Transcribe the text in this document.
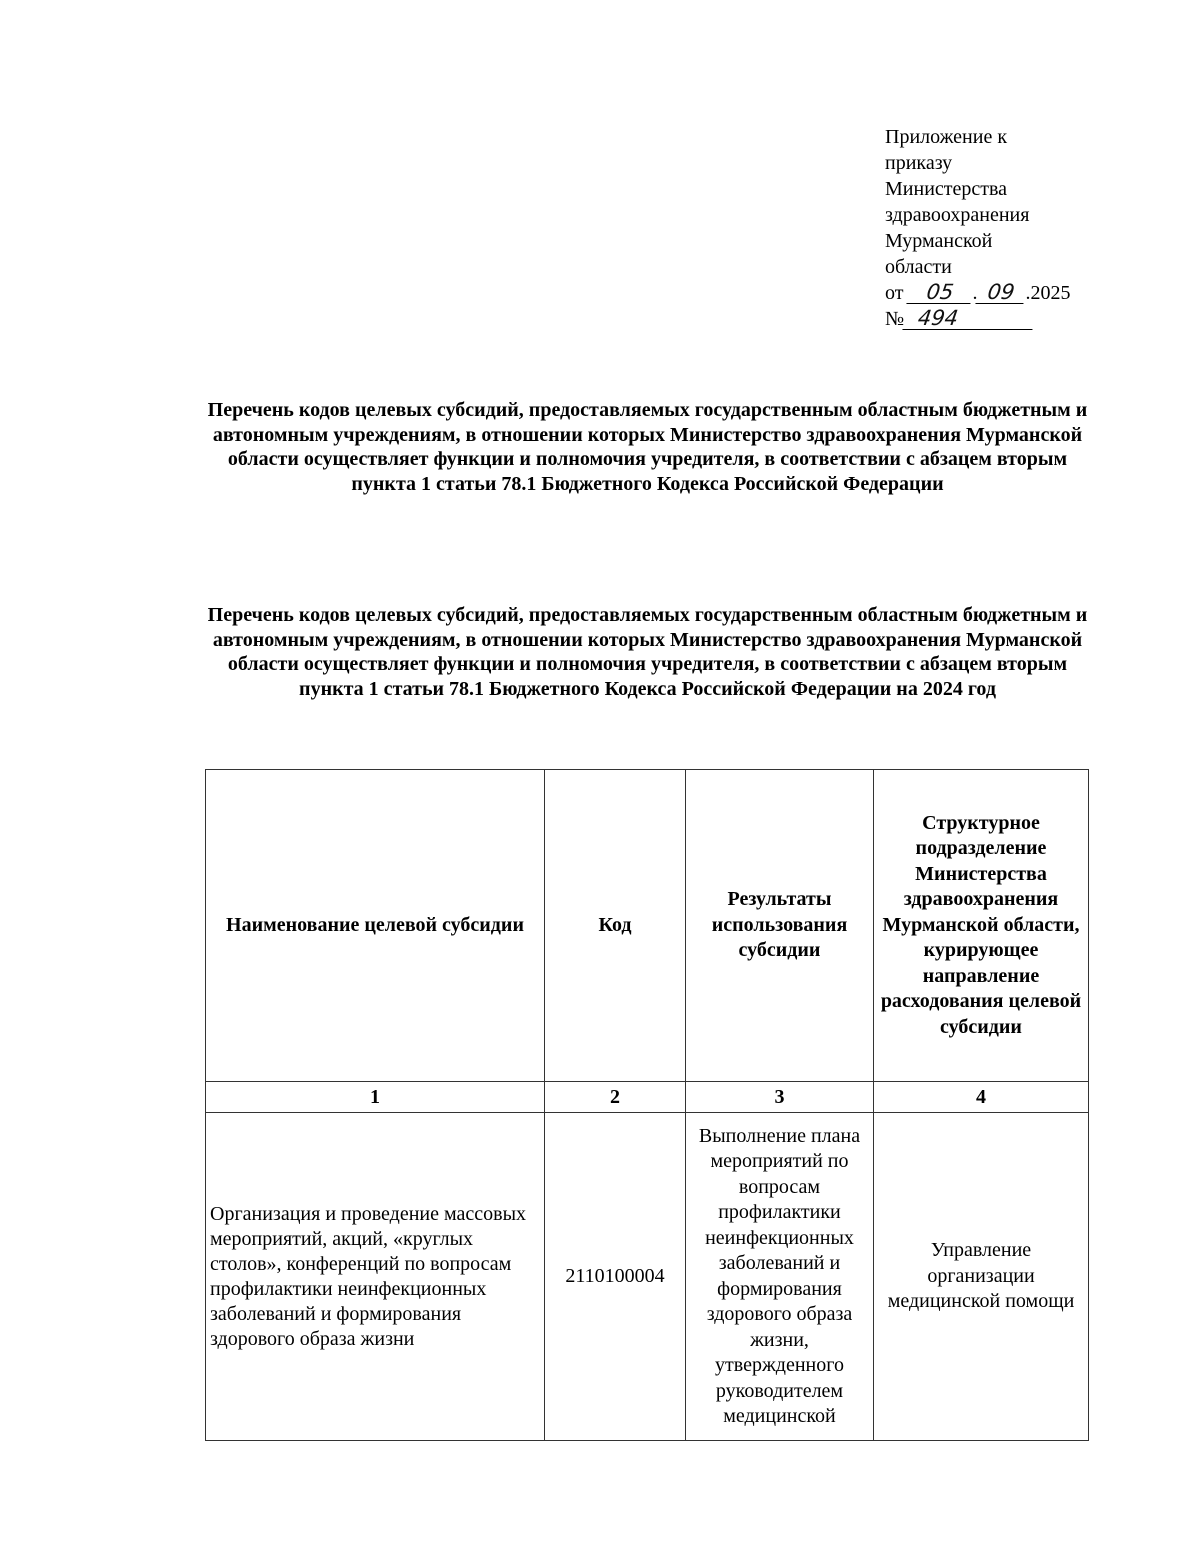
Приложение к
приказу
Министерства
здравоохранения
Мурманской
области
от 05 . 09 .2025
№ 494
Перечень кодов целевых субсидий, предоставляемых государственным областным бюджетным и автономным учреждениям, в отношении которых Министерство здравоохранения Мурманской области осуществляет функции и полномочия учредителя, в соответствии с абзацем вторым пункта 1 статьи 78.1 Бюджетного Кодекса Российской Федерации
Перечень кодов целевых субсидий, предоставляемых государственным областным бюджетным и автономным учреждениям, в отношении которых Министерство здравоохранения Мурманской области осуществляет функции и полномочия учредителя, в соответствии с абзацем вторым пункта 1 статьи 78.1 Бюджетного Кодекса Российской Федерации на 2024 год
Наименование целевой субсидии	Код	Результаты использования субсидии	Структурное подразделение Министерства здравоохранения Мурманской области, курирующее направление расходования целевой субсидии
1	2	3	4
Организация и проведение массовых мероприятий, акций, «круглых столов», конференций по вопросам профилактики неинфекционных заболеваний и формирования здорового образа жизни	2110100004	Выполнение плана мероприятий по вопросам профилактики неинфекционных заболеваний и формирования здорового образа жизни, утвержденного руководителем медицинской	Управление организации медицинской помощи
